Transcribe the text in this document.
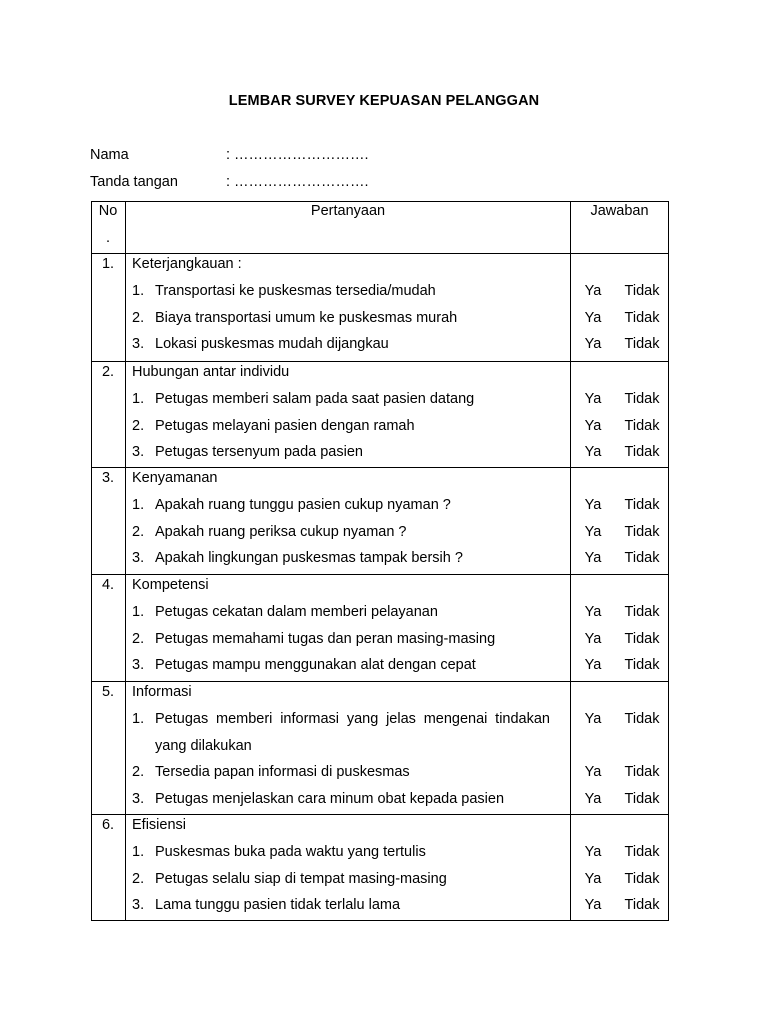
LEMBAR SURVEY KEPUASAN PELANGGAN
Nama	: ……………………….
Tanda tangan	: ……………………….
No
.
Pertanyaan	Jawaban
1.	Keterjangkauan :
1. Transportasi ke puskesmas tersedia/mudah	Ya	Tidak
2. Biaya transportasi umum ke puskesmas murah	Ya	Tidak
3. Lokasi puskesmas mudah dijangkau	Ya	Tidak
2.	Hubungan antar individu
1. Petugas memberi salam pada saat pasien datang	Ya	Tidak
2. Petugas melayani pasien dengan ramah	Ya	Tidak
3. Petugas tersenyum pada pasien	Ya	Tidak
3.	Kenyamanan
1. Apakah ruang tunggu pasien cukup nyaman ?	Ya	Tidak
2. Apakah ruang periksa cukup nyaman ?	Ya	Tidak
3. Apakah lingkungan puskesmas tampak bersih ?	Ya	Tidak
4.	Kompetensi
1. Petugas cekatan dalam memberi pelayanan	Ya	Tidak
2. Petugas memahami tugas dan peran masing-masing	Ya	Tidak
3. Petugas mampu menggunakan alat dengan cepat	Ya	Tidak
5.	Informasi
1. Petugas memberi informasi yang jelas mengenai tindakan	Ya	Tidak
yang dilakukan
2. Tersedia papan informasi di puskesmas	Ya	Tidak
3. Petugas menjelaskan cara minum obat kepada pasien	Ya	Tidak
6.	Efisiensi
1. Puskesmas buka pada waktu yang tertulis	Ya	Tidak
2. Petugas selalu siap di tempat masing-masing	Ya	Tidak
3. Lama tunggu pasien tidak terlalu lama	Ya	Tidak
